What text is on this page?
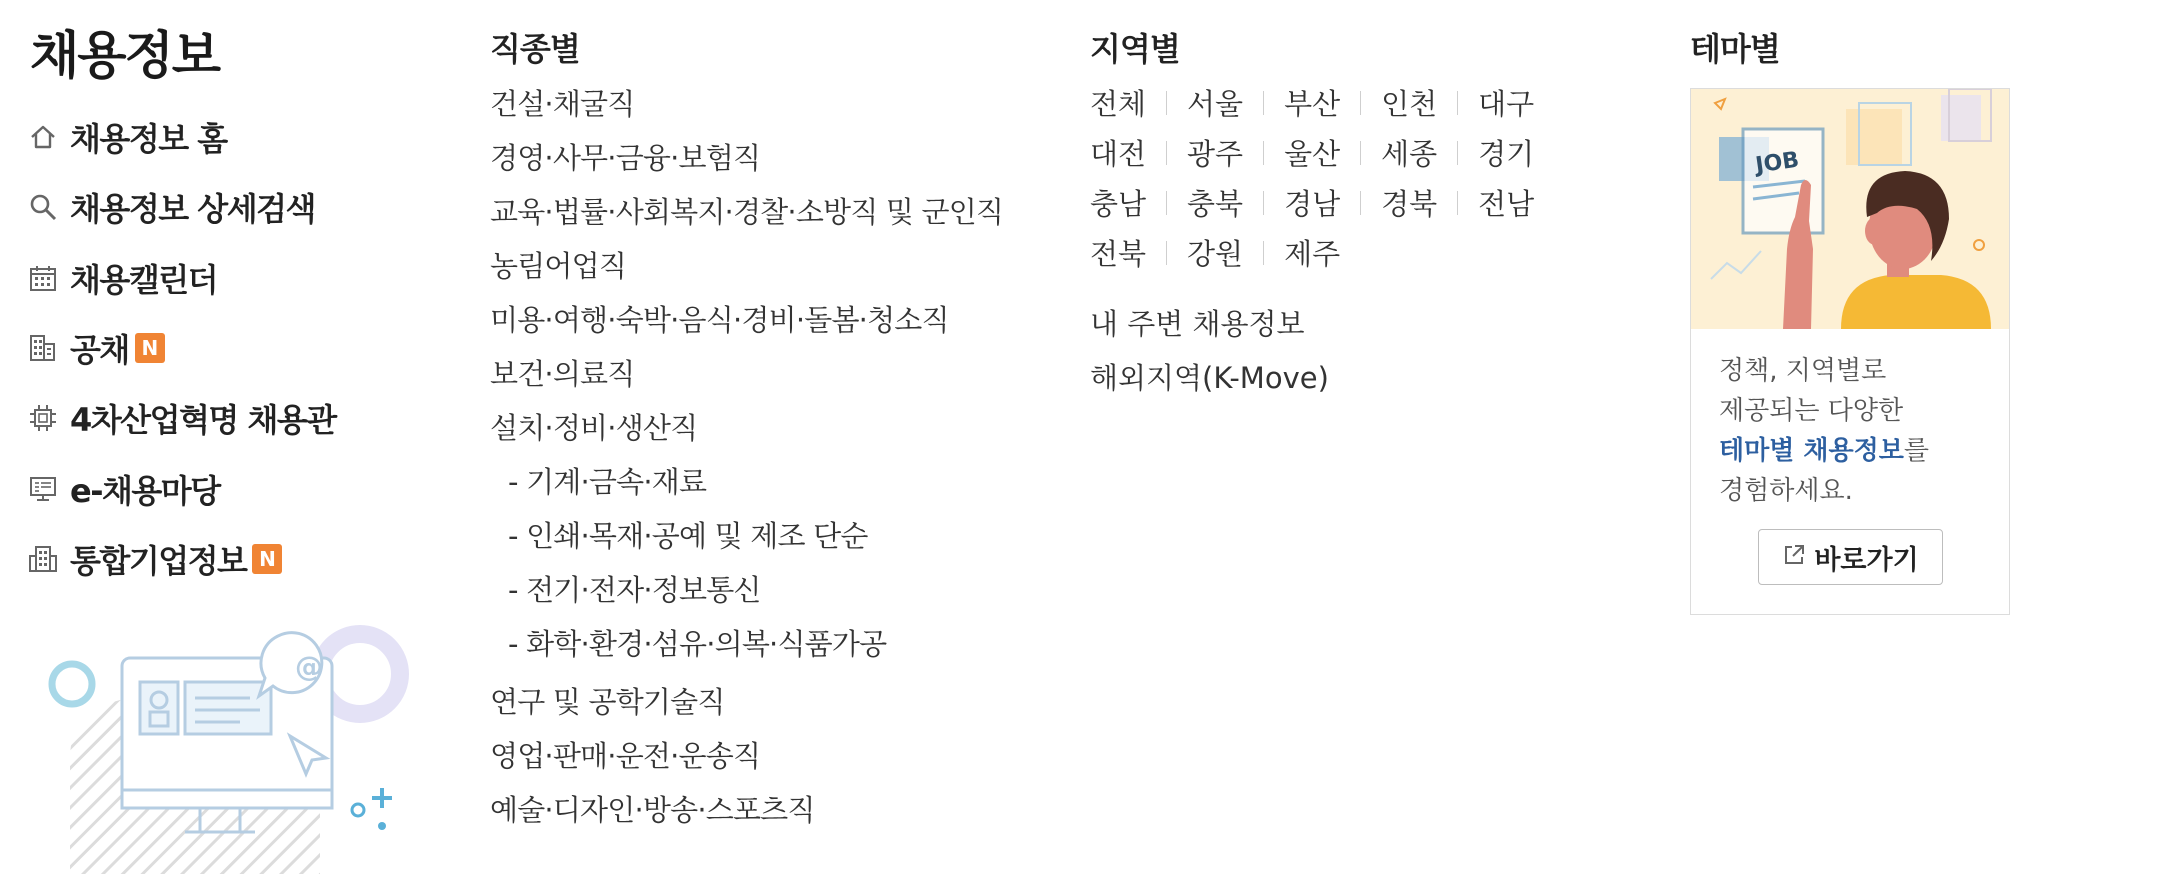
채용정보
채용정보 홈
채용정보 상세검색
채용캘린더
공채 N
4차산업혁명 채용관
e-채용마당
통합기업정보 N
@
직종별
건설·채굴직
경영·사무·금융·보험직
교육·법률·사회복지·경찰·소방직 및 군인직
농림어업직
미용·여행·숙박·음식·경비·돌봄·청소직
보건·의료직
설치·정비·생산직
- 기계·금속·재료
- 인쇄·목재·공예 및 제조 단순
- 전기·전자·정보통신
- 화학·환경·섬유·의복·식품가공
연구 및 공학기술직
영업·판매·운전·운송직
예술·디자인·방송·스포츠직
지역별
전체 서울 부산 인천 대구
대전 광주 울산 세종 경기
충남 충북 경남 경북 전남
전북 강원 제주
내 주변 채용정보
해외지역(K-Move)
테마별
JOB
정책, 지역별로
제공되는 다양한
테마별 채용정보를
경험하세요.
바로가기
